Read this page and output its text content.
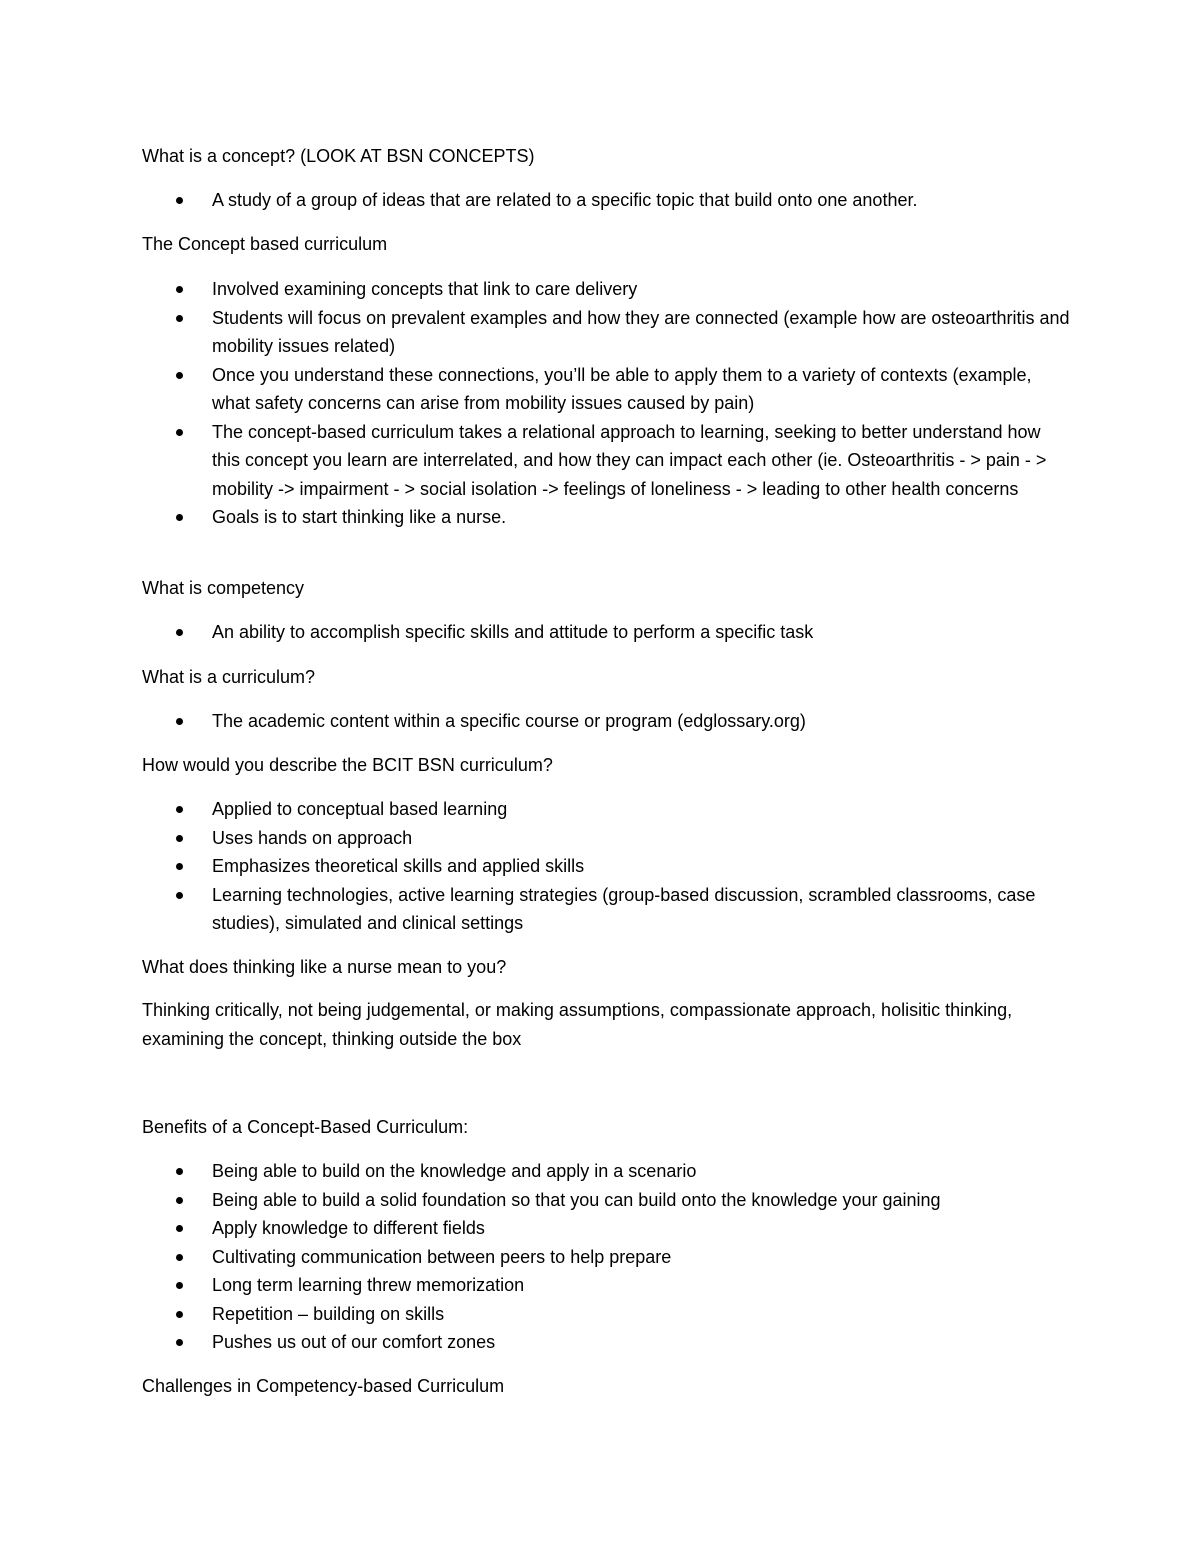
What is a concept? (LOOK AT BSN CONCEPTS)

A study of a group of ideas that are related to a specific topic that build onto one another.

The Concept based curriculum

Involved examining concepts that link to care delivery
Students will focus on prevalent examples and how they are connected (example how are osteoarthritis and mobility issues related)
Once you understand these connections, you’ll be able to apply them to a variety of contexts (example, what safety concerns can arise from mobility issues caused by pain)
The concept-based curriculum takes a relational approach to learning, seeking to better understand how this concept you learn are interrelated, and how they can impact each other (ie. Osteoarthritis - > pain - > mobility -> impairment - > social isolation -> feelings of loneliness - > leading to other health concerns
Goals is to start thinking like a nurse.

What is competency

An ability to accomplish specific skills and attitude to perform a specific task

What is a curriculum?

The academic content within a specific course or program (edglossary.org)

How would you describe the BCIT BSN curriculum?

Applied to conceptual based learning
Uses hands on approach
Emphasizes theoretical skills and applied skills
Learning technologies, active learning strategies (group-based discussion, scrambled classrooms, case studies), simulated and clinical settings

What does thinking like a nurse mean to you?

Thinking critically, not being judgemental, or making assumptions, compassionate approach, holisitic thinking, examining the concept, thinking outside the box

Benefits of a Concept-Based Curriculum:

Being able to build on the knowledge and apply in a scenario
Being able to build a solid foundation so that you can build onto the knowledge your gaining
Apply knowledge to different fields
Cultivating communication between peers to help prepare
Long term learning threw memorization
Repetition – building on skills
Pushes us out of our comfort zones

Challenges in Competency-based Curriculum
